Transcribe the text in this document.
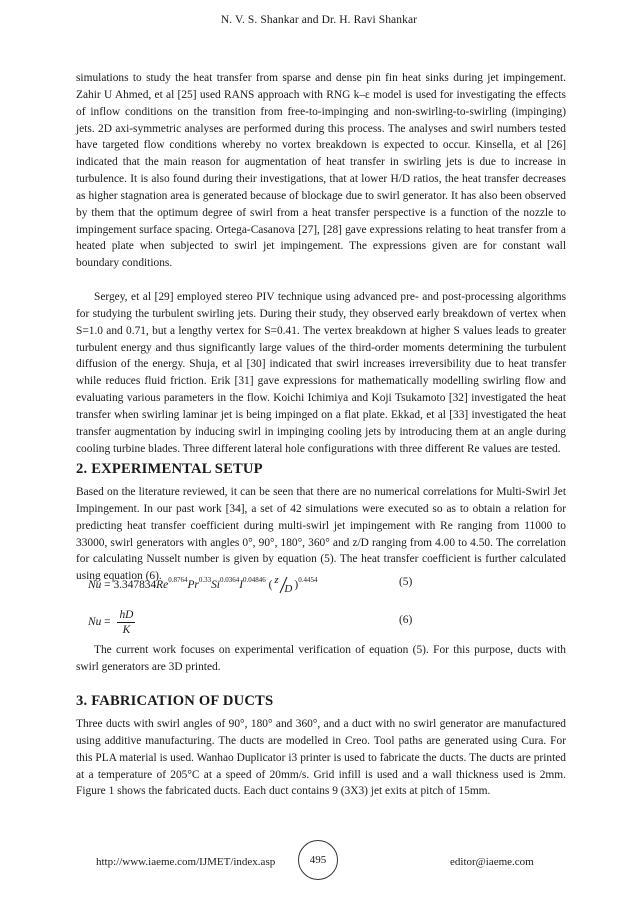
N. V. S. Shankar and Dr. H. Ravi Shankar

simulations to study the heat transfer from sparse and dense pin fin heat sinks during jet impingement. Zahir U Ahmed, et al [25] used RANS approach with RNG k–ε model is used for investigating the effects of inflow conditions on the transition from free-to-impinging and non-swirling-to-swirling (impinging) jets. 2D axi-symmetric analyses are performed during this process. The analyses and swirl numbers tested have targeted flow conditions whereby no vortex breakdown is expected to occur. Kinsella, et al [26] indicated that the main reason for augmentation of heat transfer in swirling jets is due to increase in turbulence. It is also found during their investigations, that at lower H/D ratios, the heat transfer decreases as higher stagnation area is generated because of blockage due to swirl generator. It has also been observed by them that the optimum degree of swirl from a heat transfer perspective is a function of the nozzle to impingement surface spacing. Ortega-Casanova [27], [28] gave expressions relating to heat transfer from a heated plate when subjected to swirl jet impingement. The expressions given are for constant wall boundary conditions.

Sergey, et al [29] employed stereo PIV technique using advanced pre- and post-processing algorithms for studying the turbulent swirling jets. During their study, they observed early breakdown of vertex when S=1.0 and 0.71, but a lengthy vertex for S=0.41. The vertex breakdown at higher S values leads to greater turbulent energy and thus significantly large values of the third-order moments determining the turbulent diffusion of the energy. Shuja, et al [30] indicated that swirl increases irreversibility due to heat transfer while reduces fluid friction. Erik [31] gave expressions for mathematically modelling swirling flow and evaluating various parameters in the flow. Koichi Ichimiya and Koji Tsukamoto [32] investigated the heat transfer when swirling laminar jet is being impinged on a flat plate. Ekkad, et al [33] investigated the heat transfer augmentation by inducing swirl in impinging cooling jets by introducing them at an angle during cooling turbine blades. Three different lateral hole configurations with three different Re values are tested.

2. EXPERIMENTAL SETUP

Based on the literature reviewed, it can be seen that there are no numerical correlations for Multi-Swirl Jet Impingement. In our past work [34], a set of 42 simulations were executed so as to obtain a relation for predicting heat transfer coefficient during multi-swirl jet impingement with Re ranging from 11000 to 33000, swirl generators with angles 0°, 90°, 180°, 360° and z/D ranging from 4.00 to 4.50. The correlation for calculating Nusselt number is given by equation (5). The heat transfer coefficient is further calculated using equation (6).

$Nu = 3.347834Re^{0.8764}Pr^{0.33}Si^{0.0364}I^{0.04846}$ ( z
D )$^{0.4454}$	(5)
$Nu = \frac{hD}{K}$	(6)

The current work focuses on experimental verification of equation (5). For this purpose, ducts with swirl generators are 3D printed.

3. FABRICATION OF DUCTS

Three ducts with swirl angles of 90°, 180° and 360°, and a duct with no swirl generator are manufactured using additive manufacturing. The ducts are modelled in Creo. Tool paths are generated using Cura. For this PLA material is used. Wanhao Duplicator i3 printer is used to fabricate the ducts. The ducts are printed at a temperature of 205°C at a speed of 20mm/s. Grid infill is used and a wall thickness used is 2mm. Figure 1 shows the fabricated ducts. Each duct contains 9 (3X3) jet exits at pitch of 15mm.

http://www.iaeme.com/IJMET/index.asp	495	editor@iaeme.com
